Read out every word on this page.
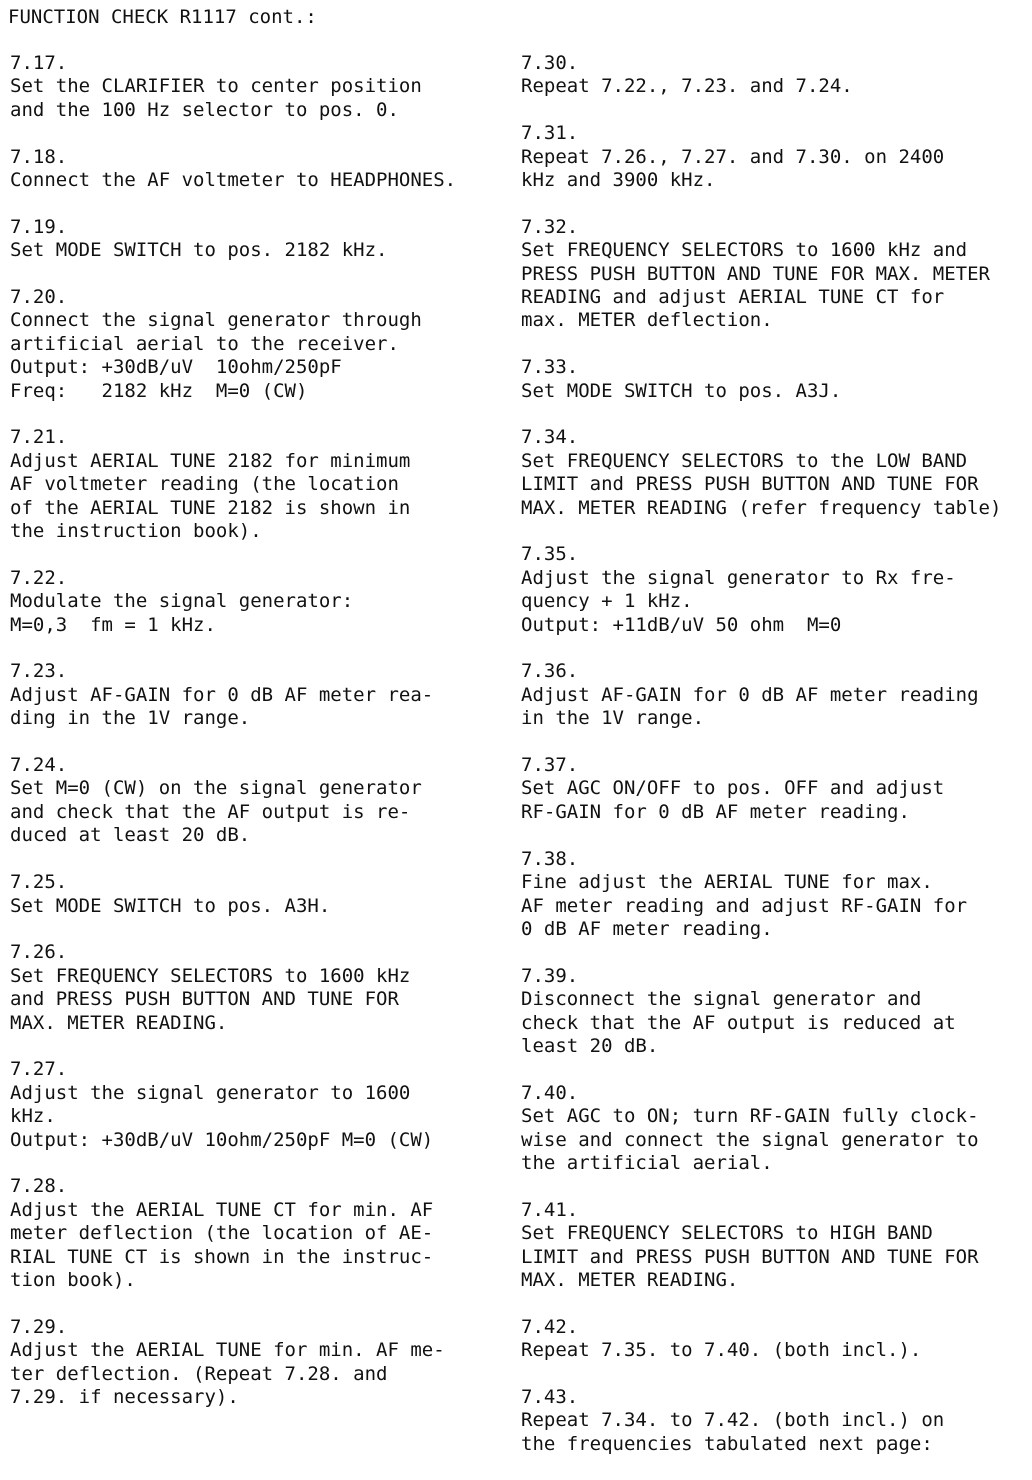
FUNCTION CHECK R1117 cont.:
7.17.
Set the CLARIFIER to center position
and the 100 Hz selector to pos. 0.
7.18.
Connect the AF voltmeter to HEADPHONES.
7.19.
Set MODE SWITCH to pos. 2182 kHz.
7.20.
Connect the signal generator through
artificial aerial to the receiver.
Output: +30dB/uV  10ohm/250pF
Freq:   2182 kHz  M=0 (CW)
7.21.
Adjust AERIAL TUNE 2182 for minimum
AF voltmeter reading (the location
of the AERIAL TUNE 2182 is shown in
the instruction book).
7.22.
Modulate the signal generator:
M=0,3  fm = 1 kHz.
7.23.
Adjust AF-GAIN for 0 dB AF meter rea-
ding in the 1V range.
7.24.
Set M=0 (CW) on the signal generator
and check that the AF output is re-
duced at least 20 dB.
7.25.
Set MODE SWITCH to pos. A3H.
7.26.
Set FREQUENCY SELECTORS to 1600 kHz
and PRESS PUSH BUTTON AND TUNE FOR
MAX. METER READING.
7.27.
Adjust the signal generator to 1600
kHz.
Output: +30dB/uV 10ohm/250pF M=0 (CW)
7.28.
Adjust the AERIAL TUNE CT for min. AF
meter deflection (the location of AE-
RIAL TUNE CT is shown in the instruc-
tion book).
7.29.
Adjust the AERIAL TUNE for min. AF me-
ter deflection. (Repeat 7.28. and
7.29. if necessary).
7.30.
Repeat 7.22., 7.23. and 7.24.
7.31.
Repeat 7.26., 7.27. and 7.30. on 2400
kHz and 3900 kHz.
7.32.
Set FREQUENCY SELECTORS to 1600 kHz and
PRESS PUSH BUTTON AND TUNE FOR MAX. METER
READING and adjust AERIAL TUNE CT for
max. METER deflection.
7.33.
Set MODE SWITCH to pos. A3J.
7.34.
Set FREQUENCY SELECTORS to the LOW BAND
LIMIT and PRESS PUSH BUTTON AND TUNE FOR
MAX. METER READING (refer frequency table)
7.35.
Adjust the signal generator to Rx fre-
quency + 1 kHz.
Output: +11dB/uV 50 ohm  M=0
7.36.
Adjust AF-GAIN for 0 dB AF meter reading
in the 1V range.
7.37.
Set AGC ON/OFF to pos. OFF and adjust
RF-GAIN for 0 dB AF meter reading.
7.38.
Fine adjust the AERIAL TUNE for max.
AF meter reading and adjust RF-GAIN for
0 dB AF meter reading.
7.39.
Disconnect the signal generator and
check that the AF output is reduced at
least 20 dB.
7.40.
Set AGC to ON; turn RF-GAIN fully clock-
wise and connect the signal generator to
the artificial aerial.
7.41.
Set FREQUENCY SELECTORS to HIGH BAND
LIMIT and PRESS PUSH BUTTON AND TUNE FOR
MAX. METER READING.
7.42.
Repeat 7.35. to 7.40. (both incl.).
7.43.
Repeat 7.34. to 7.42. (both incl.) on
the frequencies tabulated next page:
